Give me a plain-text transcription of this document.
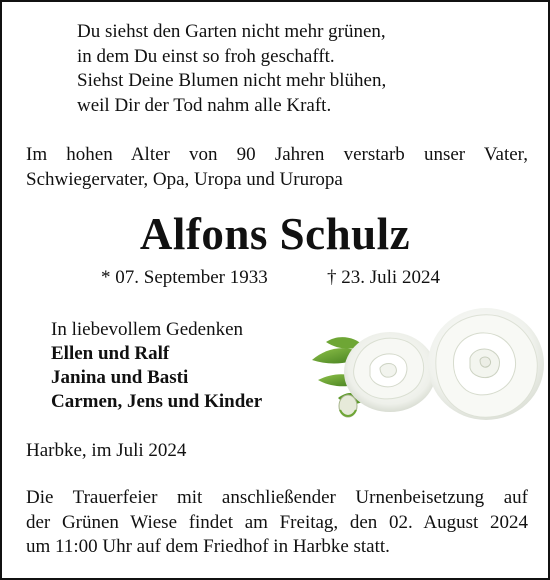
Du siehst den Garten nicht mehr grünen,
in dem Du einst so froh geschafft.
Siehst Deine Blumen nicht mehr blühen,
weil Dir der Tod nahm alle Kraft.
Im hohen Alter von 90 Jahren verstarb unser Vater,
Schwiegervater, Opa, Uropa und Ururopa
Alfons Schulz
* 07. September 1933	† 23. Juli 2024
In liebevollem Gedenken
Ellen und Ralf
Janina und Basti
Carmen, Jens und Kinder
Harbke, im Juli 2024
Die Trauerfeier mit anschließender Urnenbeisetzung auf
der Grünen Wiese findet am Freitag, den 02. August 2024
um 11:00 Uhr auf dem Friedhof in Harbke statt.
